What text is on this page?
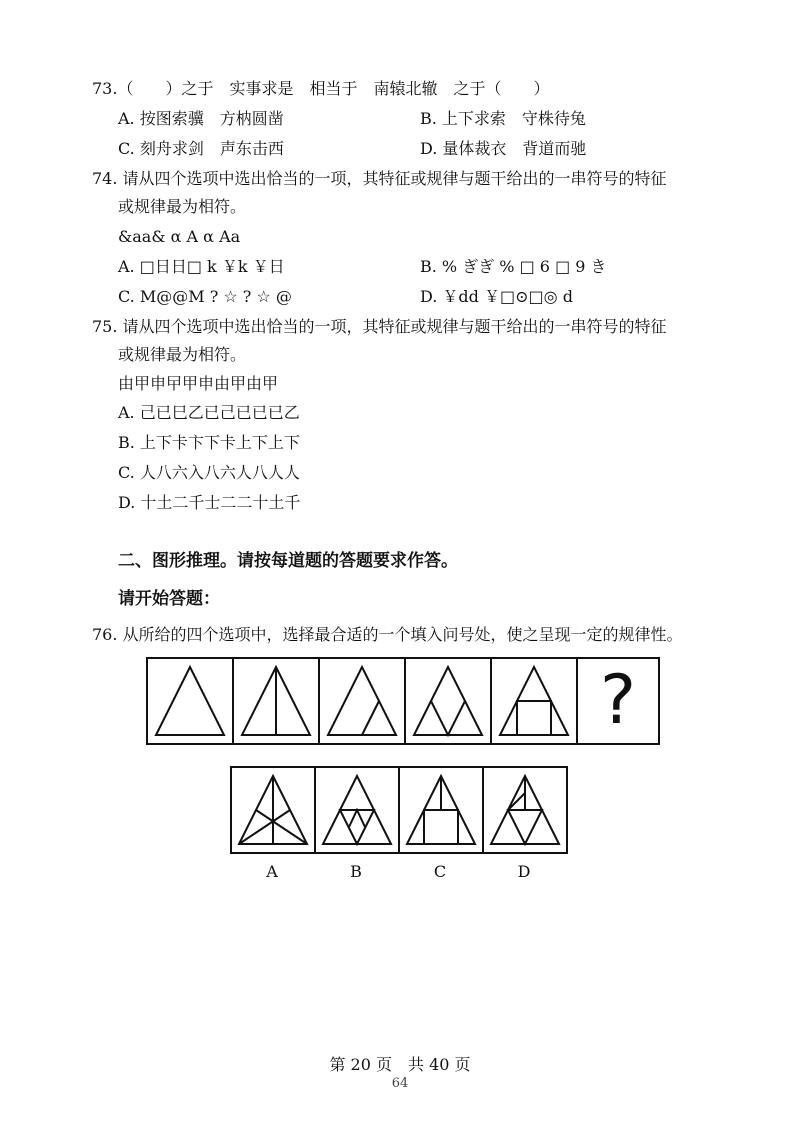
73.（　　）之于　实事求是　相当于　南辕北辙　之于（　　）
A. 按图索骥　方枘圆凿	B. 上下求索　守株待兔
C. 刻舟求剑　声东击西	D. 量体裁衣　背道而驰
74. 请从四个选项中选出恰当的一项，其特征或规律与题干给出的一串符号的特征
或规律最为相符。
&aa& α A α Aa
A. □日日□ k ￥k ￥日	B. % ぎぎ % □ 6 □ 9 き
C. M@@M ? ☆ ? ☆ @	D. ￥dd ￥□⊙□◎ d
75. 请从四个选项中选出恰当的一项，其特征或规律与题干给出的一串符号的特征
或规律最为相符。
由甲申曱甲申由甲由甲
A. 己已巳乙已己已已已乙
B. 上下卡卞下卡上下上下
C. 人八六入八六人八人人
D. 十土二千士二二十土千
二、图形推理。请按每道题的答题要求作答。
请开始答题：
76. 从所给的四个选项中，选择最合适的一个填入问号处，使之呈现一定的规律性。
?
A	B	C	D
第 20 页　共 40 页
64
